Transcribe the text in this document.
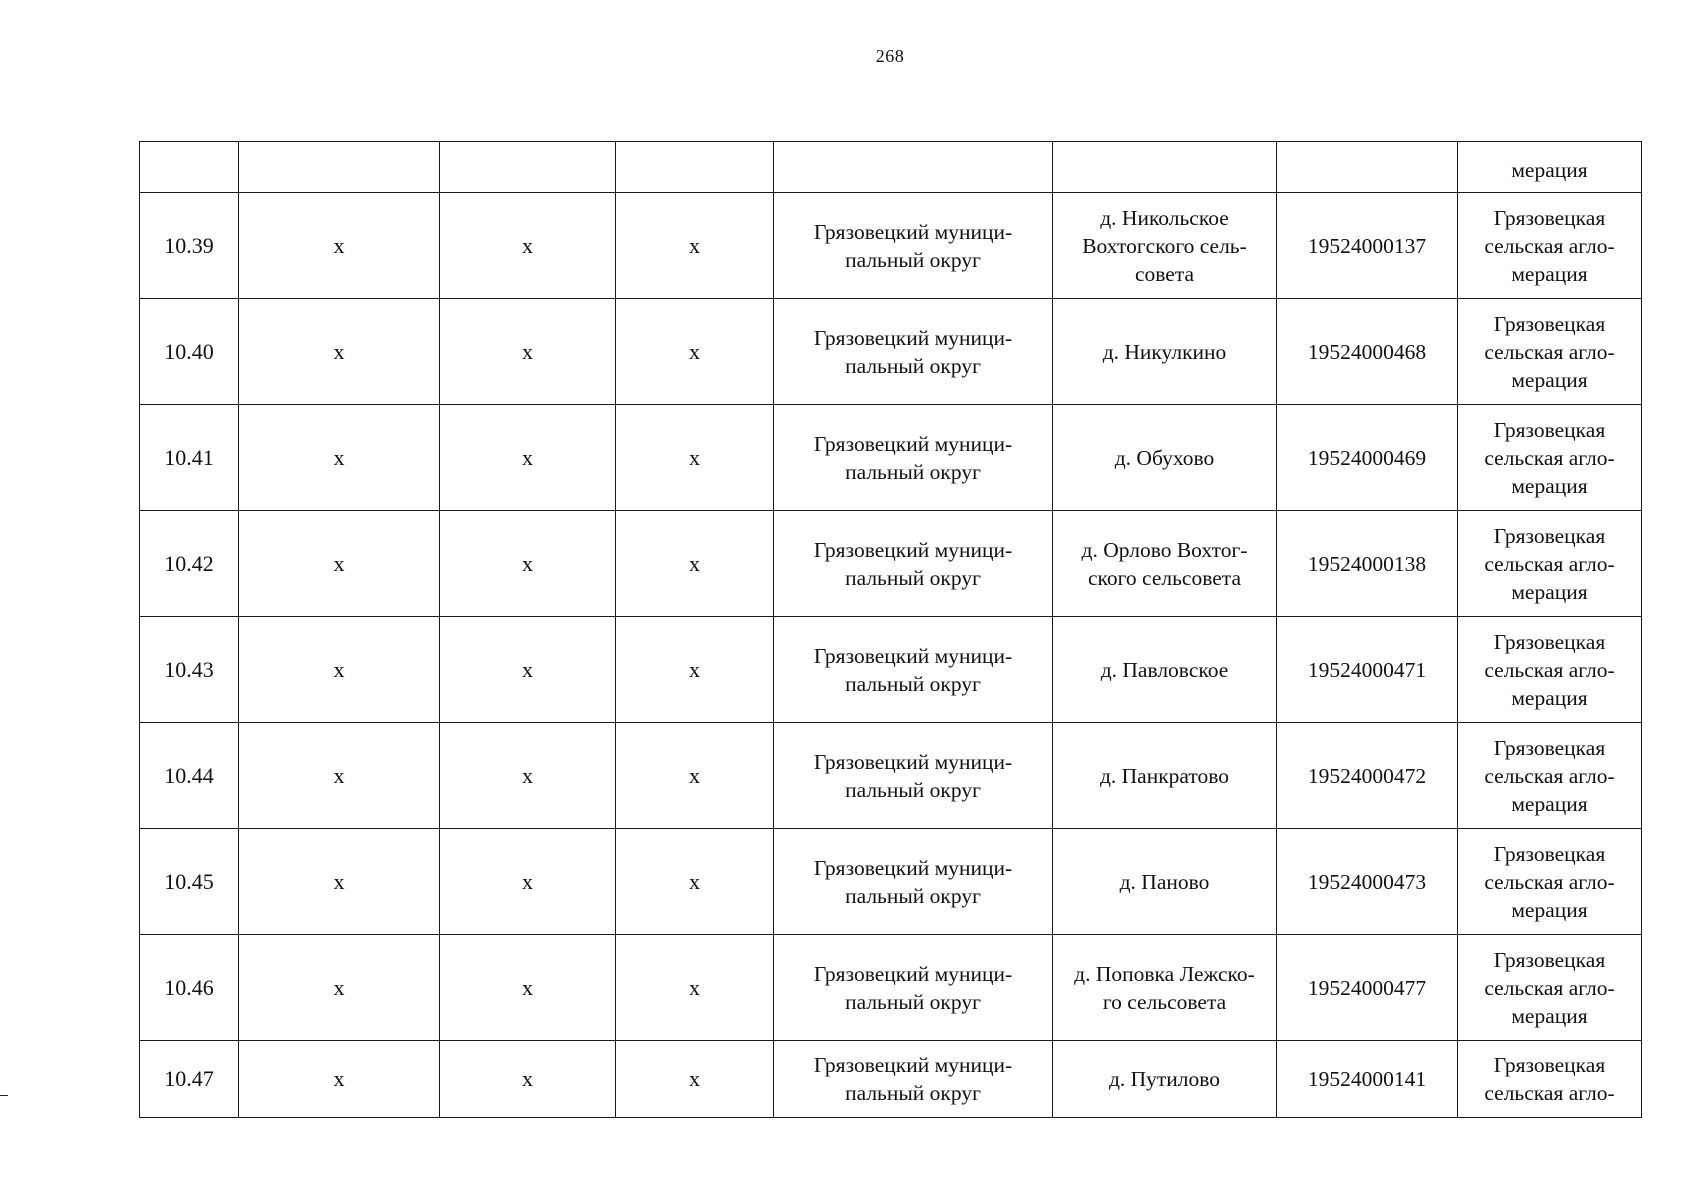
268
							мерация
10.39	х	х	х	Грязовецкий муници-
пальный округ	д. Никольское
Вохтогского сель-
совета	19524000137	Грязовецкая
сельская агло-
мерация
10.40	х	х	х	Грязовецкий муници-
пальный округ	д. Никулкино	19524000468	Грязовецкая
сельская агло-
мерация
10.41	х	х	х	Грязовецкий муници-
пальный округ	д. Обухово	19524000469	Грязовецкая
сельская агло-
мерация
10.42	х	х	х	Грязовецкий муници-
пальный округ	д. Орлово Вохтог-
ского сельсовета	19524000138	Грязовецкая
сельская агло-
мерация
10.43	х	х	х	Грязовецкий муници-
пальный округ	д. Павловское	19524000471	Грязовецкая
сельская агло-
мерация
10.44	х	х	х	Грязовецкий муници-
пальный округ	д. Панкратово	19524000472	Грязовецкая
сельская агло-
мерация
10.45	х	х	х	Грязовецкий муници-
пальный округ	д. Паново	19524000473	Грязовецкая
сельская агло-
мерация
10.46	х	х	х	Грязовецкий муници-
пальный округ	д. Поповка Лежско-
го сельсовета	19524000477	Грязовецкая
сельская агло-
мерация
10.47	х	х	х	Грязовецкий муници-
пальный округ	д. Путилово	19524000141	Грязовецкая
сельская агло-
